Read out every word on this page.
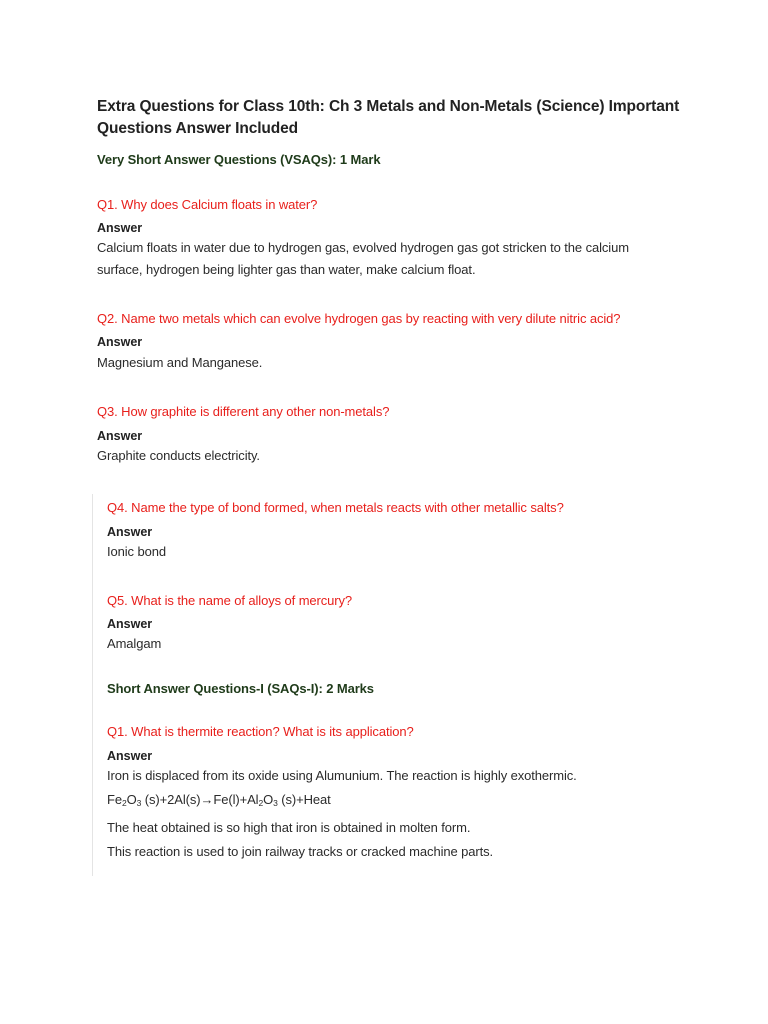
Extra Questions for Class 10th: Ch 3 Metals and Non-Metals (Science) Important Questions Answer Included
Very Short Answer Questions (VSAQs): 1 Mark
Q1. Why does Calcium floats in water?
Answer
Calcium floats in water due to hydrogen gas, evolved hydrogen gas got stricken to the calcium
surface, hydrogen being lighter gas than water, make calcium float.
Q2. Name two metals which can evolve hydrogen gas by reacting with very dilute nitric acid?
Answer
Magnesium and Manganese.
Q3. How graphite is different any other non-metals?
Answer
Graphite conducts electricity.
Q4. Name the type of bond formed, when metals reacts with other metallic salts?
Answer
Ionic bond
Q5. What is the name of alloys of mercury?
Answer
Amalgam
Short Answer Questions-I (SAQs-I): 2 Marks
Q1. What is thermite reaction? What is its application?
Answer
Iron is displaced from its oxide using Alumunium. The reaction is highly exothermic.
$Fe_2O_3$ $(s)+2Al(s)\to Fe(l)+Al_2O_3$ (s)+Heat
The heat obtained is so high that iron is obtained in molten form.
This reaction is used to join railway tracks or cracked machine parts.
